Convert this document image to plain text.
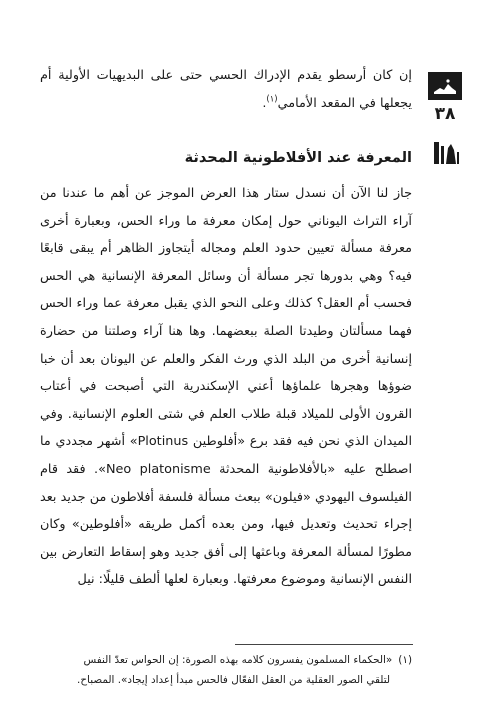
٣٨

إن كان أرسطو يقدم الإدراك الحسي حتى على البديهيات الأولية أم يجعلها في المقعد الأمامي$^{(١)}$.

المعرفة عند الأفلاطونية المحدثة

جاز لنا الآن أن نسدل ستار هذا العرض الموجز عن أهم ما عندنا من آراء التراث اليوناني حول إمكان معرفة ما وراء الحس، وبعبارة أخرى معرفة مسألة تعيين حدود العلم ومجاله أيتجاوز الظاهر أم يبقى قابعًا فيه؟ وهي بدورها تجر مسألة أن وسائل المعرفة الإنسانية هي الحس فحسب أم العقل؟ كذلك وعلى النحو الذي يقبل معرفة عما وراء الحس فهما مسألتان وطيدتا الصلة ببعضهما. وها هنا آراء وصلتنا من حضارة إنسانية أخرى من البلد الذي ورث الفكر والعلم عن اليونان بعد أن خبا ضوؤها وهجرها علماؤها أعني الإسكندرية التي أصبحت في أعتاب القرون الأولى للميلاد قبلة طلاب العلم في شتى العلوم الإنسانية. وفي الميدان الذي نحن فيه فقد برع «أفلوطين Plotinus» أشهر مجددي ما اصطلح عليه «بالأفلاطونية المحدثة Neo platonisme». فقد قام الفيلسوف اليهودي «فيلون» ببعث مسألة فلسفة أفلاطون من جديد بعد إجراء تحديث وتعديل فيها، ومن بعده أكمل طريقه «أفلوطين» وكان مطورًا لمسألة المعرفة وباعثها إلى أفق جديد وهو إسقاط التعارض بين النفس الإنسانية وموضوع معرفتها. وبعبارة لعلها ألطف قليلًا: نيل

(١)«الحكماء المسلمون يفسرون كلامه بهذه الصورة: إن الحواس تعدّ النفس
لتلقي الصور العقلية من العقل الفعّال فالحس مبدأ إعداد إيجاد». المصباح.
